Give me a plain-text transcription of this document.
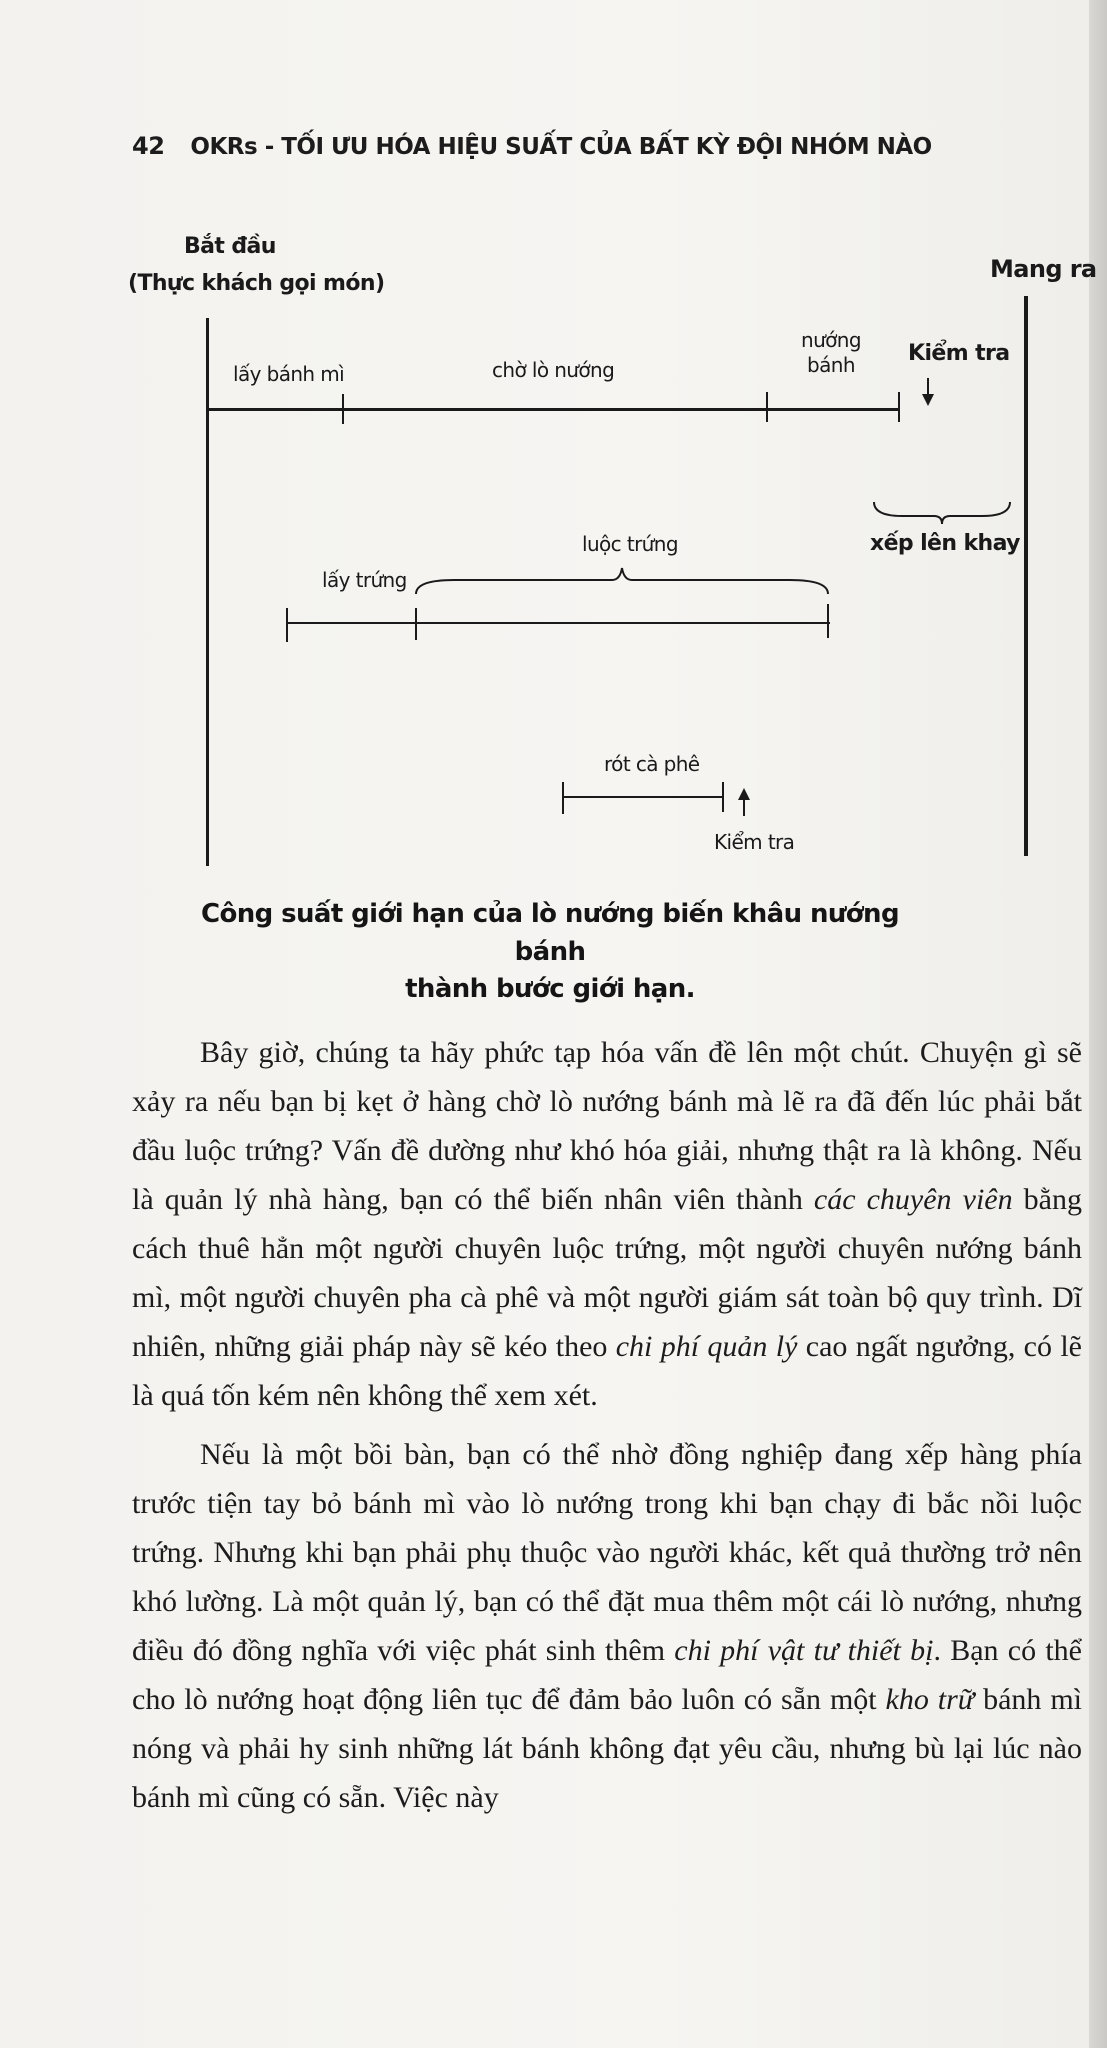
42 OKRs - TỐI ƯU HÓA HIỆU SUẤT CỦA BẤT KỲ ĐỘI NHÓM NÀO
Bắt đầu
(Thực khách gọi món)
Mang ra
lấy bánh mì	chờ lò nướng
nướng
bánh	Kiểm tra
xếp lên khay
luộc trứng
lấy trứng
rót cà phê
Kiểm tra
Công suất giới hạn của lò nướng biến khâu nướng bánh
thành bước giới hạn.

Bây giờ, chúng ta hãy phức tạp hóa vấn đề lên một chút. Chuyện gì sẽ xảy ra nếu bạn bị kẹt ở hàng chờ lò nướng bánh mà lẽ ra đã đến lúc phải bắt đầu luộc trứng? Vấn đề dường như khó hóa giải, nhưng thật ra là không. Nếu là quản lý nhà hàng, bạn có thể biến nhân viên thành các chuyên viên bằng cách thuê hẳn một người chuyên luộc trứng, một người chuyên nướng bánh mì, một người chuyên pha cà phê và một người giám sát toàn bộ quy trình. Dĩ nhiên, những giải pháp này sẽ kéo theo chi phí quản lý cao ngất ngưởng, có lẽ là quá tốn kém nên không thể xem xét.

Nếu là một bồi bàn, bạn có thể nhờ đồng nghiệp đang xếp hàng phía trước tiện tay bỏ bánh mì vào lò nướng trong khi bạn chạy đi bắc nồi luộc trứng. Nhưng khi bạn phải phụ thuộc vào người khác, kết quả thường trở nên khó lường. Là một quản lý, bạn có thể đặt mua thêm một cái lò nướng, nhưng điều đó đồng nghĩa với việc phát sinh thêm chi phí vật tư thiết bị. Bạn có thể cho lò nướng hoạt động liên tục để đảm bảo luôn có sẵn một kho trữ bánh mì nóng và phải hy sinh những lát bánh không đạt yêu cầu, nhưng bù lại lúc nào bánh mì cũng có sẵn. Việc này
